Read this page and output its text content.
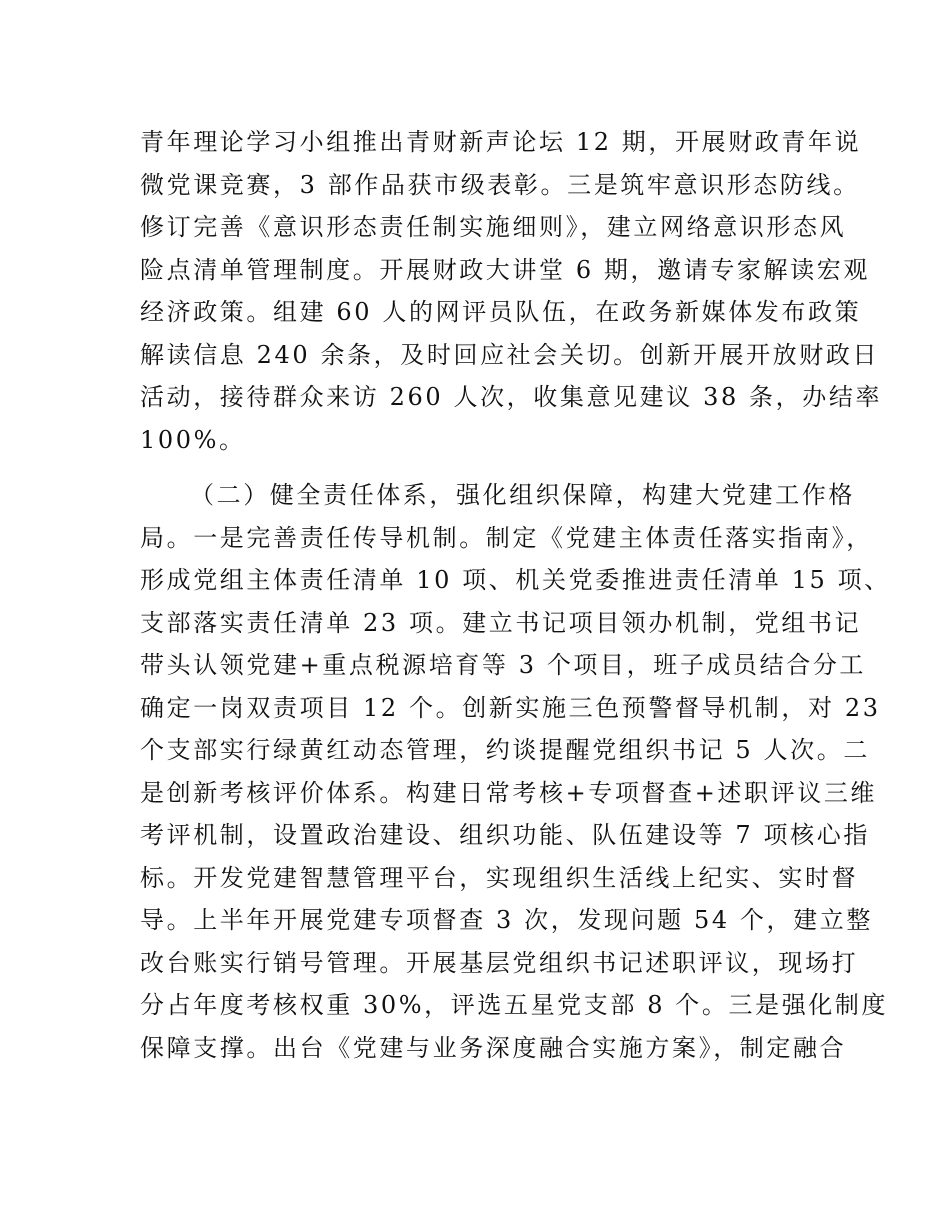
青年理论学习小组推出青财新声论坛 12 期，开展财政青年说
微党课竞赛，3 部作品获市级表彰。三是筑牢意识形态防线。
修订完善《意识形态责任制实施细则》，建立网络意识形态风
险点清单管理制度。开展财政大讲堂 6 期，邀请专家解读宏观
经济政策。组建 60 人的网评员队伍，在政务新媒体发布政策
解读信息 240 余条，及时回应社会关切。创新开展开放财政日
活动，接待群众来访 260 人次，收集意见建议 38 条，办结率
100%。
（二）健全责任体系，强化组织保障，构建大党建工作格
局。一是完善责任传导机制。制定《党建主体责任落实指南》，
形成党组主体责任清单 10 项、机关党委推进责任清单 15 项、
支部落实责任清单 23 项。建立书记项目领办机制，党组书记
带头认领党建+重点税源培育等 3 个项目，班子成员结合分工
确定一岗双责项目 12 个。创新实施三色预警督导机制，对 23
个支部实行绿黄红动态管理，约谈提醒党组织书记 5 人次。二
是创新考核评价体系。构建日常考核+专项督查+述职评议三维
考评机制，设置政治建设、组织功能、队伍建设等 7 项核心指
标。开发党建智慧管理平台，实现组织生活线上纪实、实时督
导。上半年开展党建专项督查 3 次，发现问题 54 个，建立整
改台账实行销号管理。开展基层党组织书记述职评议，现场打
分占年度考核权重 30%，评选五星党支部 8 个。三是强化制度
保障支撑。出台《党建与业务深度融合实施方案》，制定融合
